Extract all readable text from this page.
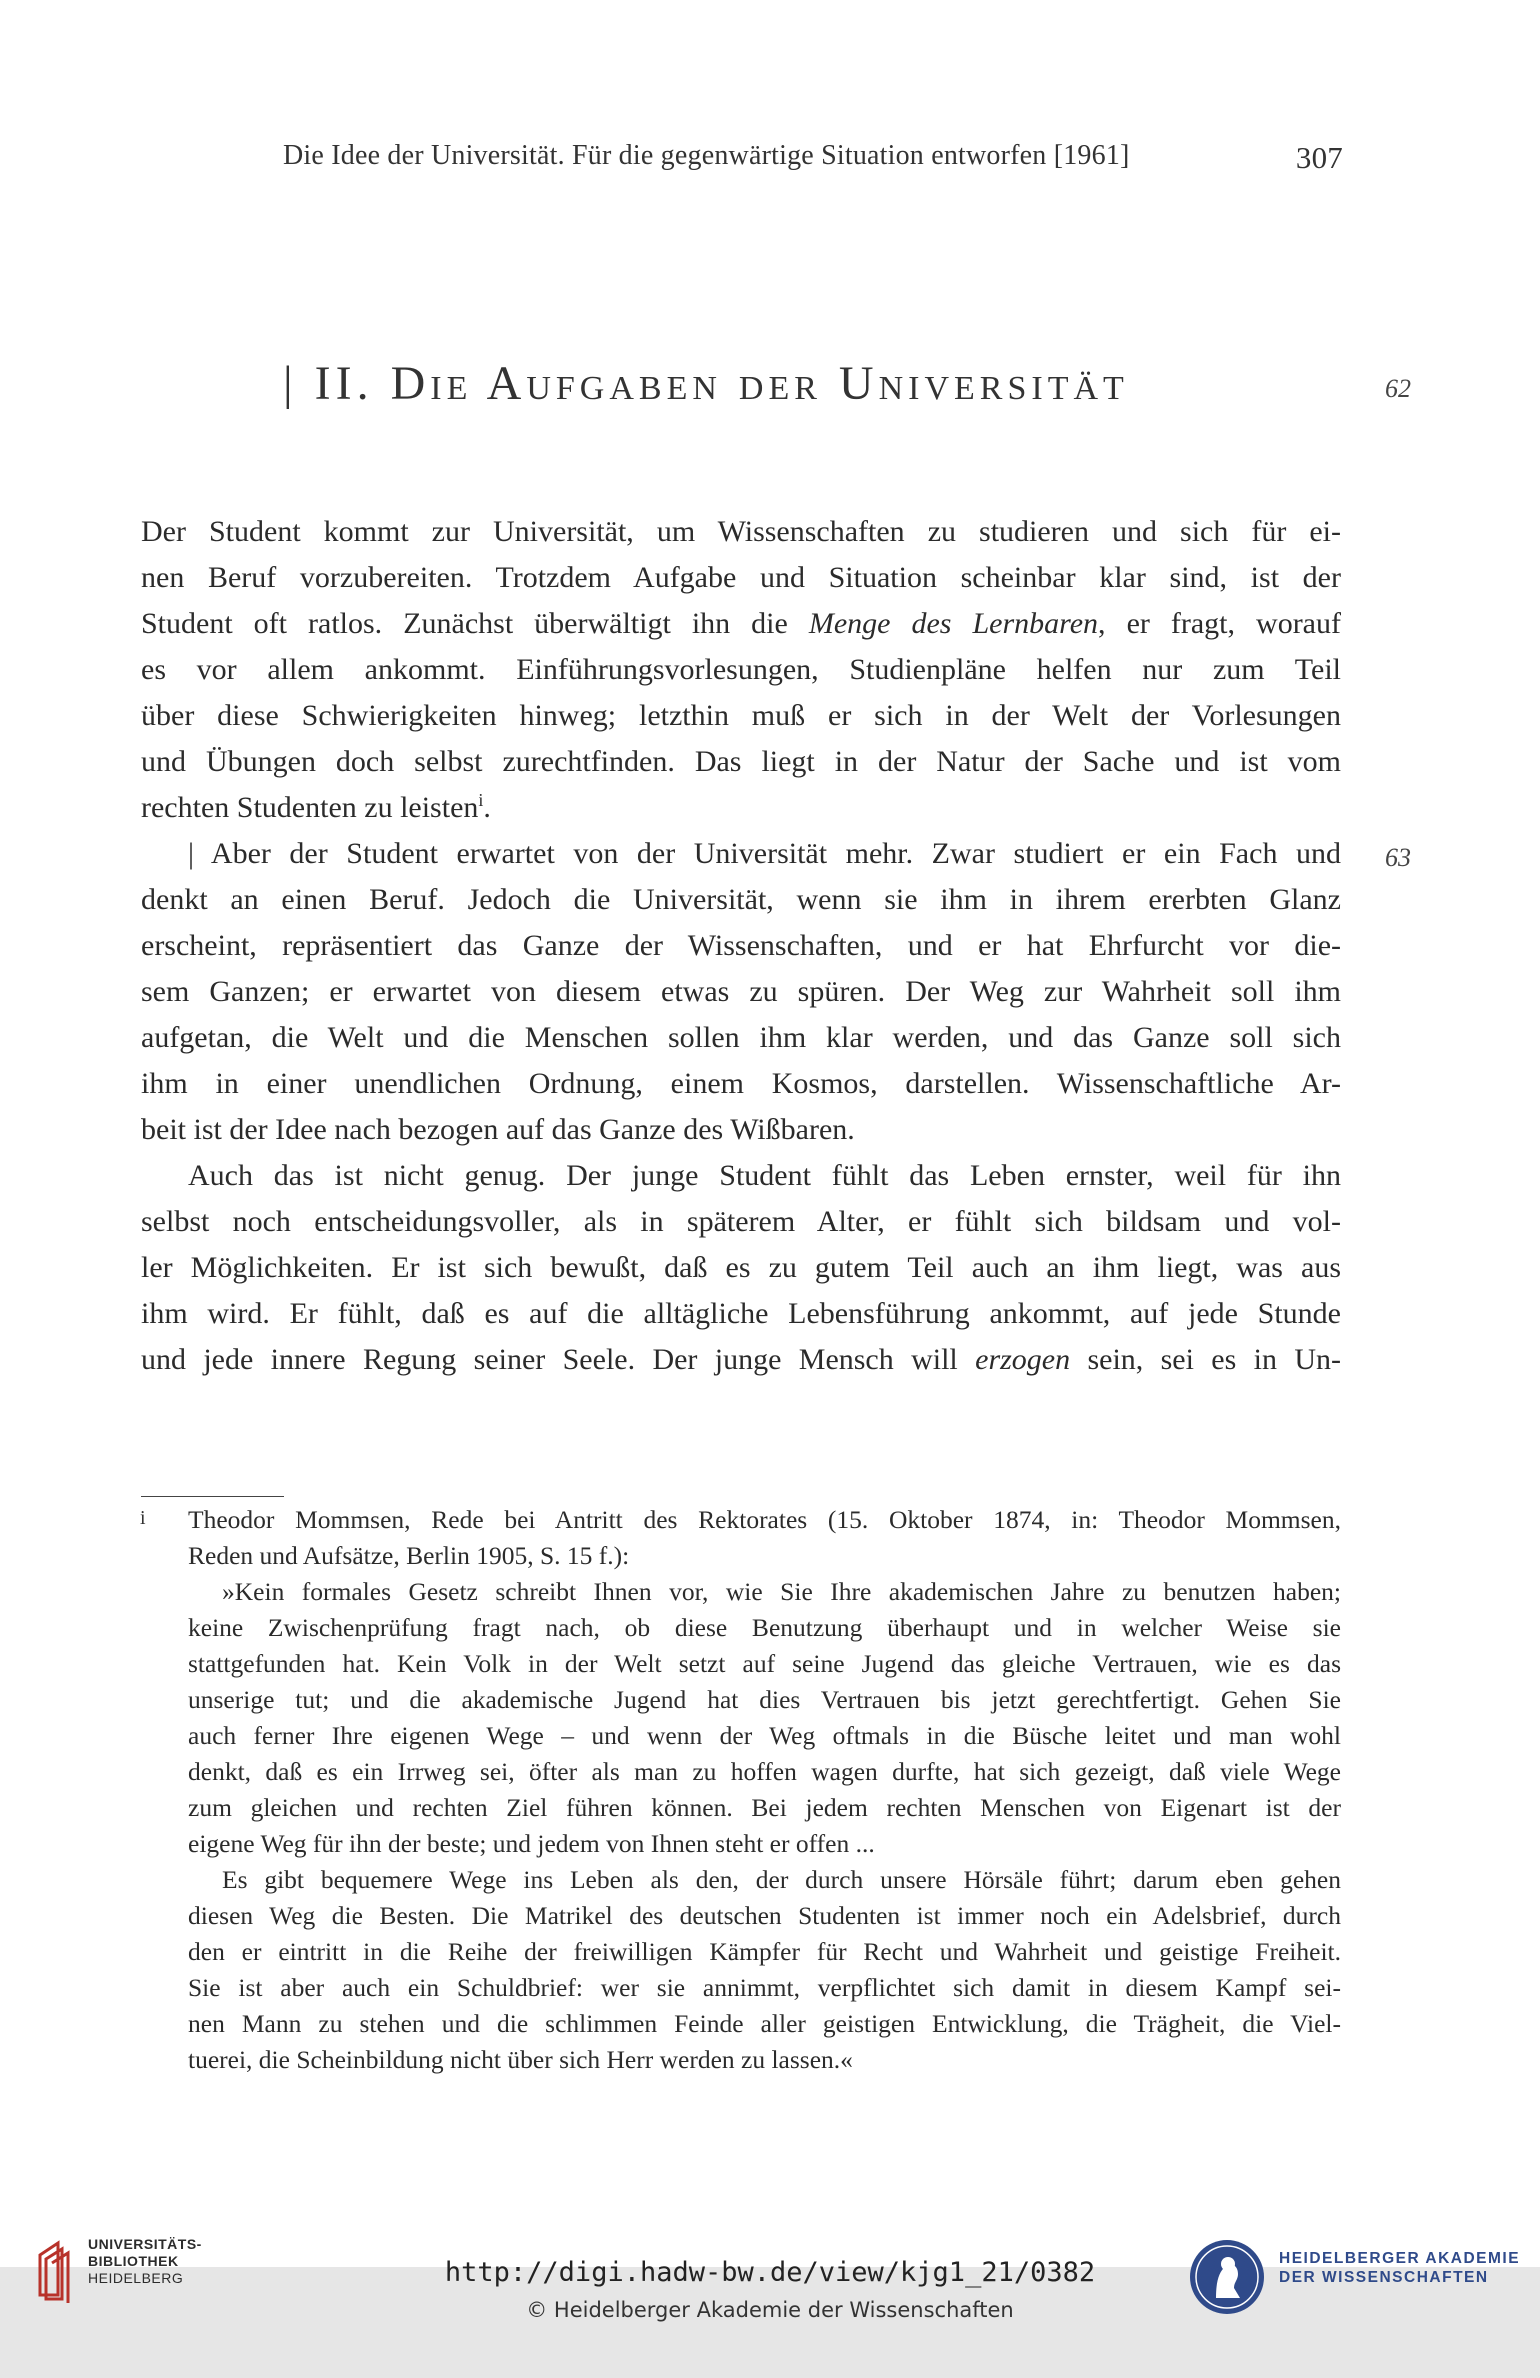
Die Idee der Universität. Für die gegenwärtige Situation entworfen [1961]	307
| II. Die Aufgaben der Universität	62
Der Student kommt zur Universität, um Wissenschaften zu studieren und sich für ei-
nen Beruf vorzubereiten. Trotzdem Aufgabe und Situation scheinbar klar sind, ist der
Student oft ratlos. Zunächst überwältigt ihn die Menge des Lernbaren, er fragt, worauf
es vor allem ankommt. Einführungsvorlesungen, Studienpläne helfen nur zum Teil
über diese Schwierigkeiten hinweg; letzthin muß er sich in der Welt der Vorlesungen
und Übungen doch selbst zurechtfinden. Das liegt in der Natur der Sache und ist vom
rechten Studenten zu leisten$^i$.
63
| Aber der Student erwartet von der Universität mehr. Zwar studiert er ein Fach und
denkt an einen Beruf. Jedoch die Universität, wenn sie ihm in ihrem ererbten Glanz
erscheint, repräsentiert das Ganze der Wissenschaften, und er hat Ehrfurcht vor die-
sem Ganzen; er erwartet von diesem etwas zu spüren. Der Weg zur Wahrheit soll ihm
aufgetan, die Welt und die Menschen sollen ihm klar werden, und das Ganze soll sich
ihm in einer unendlichen Ordnung, einem Kosmos, darstellen. Wissenschaftliche Ar-
beit ist der Idee nach bezogen auf das Ganze des Wißbaren.
Auch das ist nicht genug. Der junge Student fühlt das Leben ernster, weil für ihn
selbst noch entscheidungsvoller, als in späterem Alter, er fühlt sich bildsam und vol-
ler Möglichkeiten. Er ist sich bewußt, daß es zu gutem Teil auch an ihm liegt, was aus
ihm wird. Er fühlt, daß es auf die alltägliche Lebensführung ankommt, auf jede Stunde
und jede innere Regung seiner Seele. Der junge Mensch will erzogen sein, sei es in Un-
i Theodor Mommsen, Rede bei Antritt des Rektorates (15. Oktober 1874, in: Theodor Mommsen,
Reden und Aufsätze, Berlin 1905, S. 15 f.):
»Kein formales Gesetz schreibt Ihnen vor, wie Sie Ihre akademischen Jahre zu benutzen haben;
keine Zwischenprüfung fragt nach, ob diese Benutzung überhaupt und in welcher Weise sie
stattgefunden hat. Kein Volk in der Welt setzt auf seine Jugend das gleiche Vertrauen, wie es das
unserige tut; und die akademische Jugend hat dies Vertrauen bis jetzt gerechtfertigt. Gehen Sie
auch ferner Ihre eigenen Wege – und wenn der Weg oftmals in die Büsche leitet und man wohl
denkt, daß es ein Irrweg sei, öfter als man zu hoffen wagen durfte, hat sich gezeigt, daß viele Wege
zum gleichen und rechten Ziel führen können. Bei jedem rechten Menschen von Eigenart ist der
eigene Weg für ihn der beste; und jedem von Ihnen steht er offen ...
Es gibt bequemere Wege ins Leben als den, der durch unsere Hörsäle führt; darum eben gehen
diesen Weg die Besten. Die Matrikel des deutschen Studenten ist immer noch ein Adelsbrief, durch
den er eintritt in die Reihe der freiwilligen Kämpfer für Recht und Wahrheit und geistige Freiheit.
Sie ist aber auch ein Schuldbrief: wer sie annimmt, verpflichtet sich damit in diesem Kampf sei-
nen Mann zu stehen und die schlimmen Feinde aller geistigen Entwicklung, die Trägheit, die Viel-
tuerei, die Scheinbildung nicht über sich Herr werden zu lassen.«
UNIVERSITÄTS-
BIBLIOTHEK
HEIDELBERG	http://digi.hadw-bw.de/view/kjg1_21/0382
© Heidelberger Akademie der Wissenschaften
HEIDELBERGER AKADEMIE
DER WISSENSCHAFTEN
